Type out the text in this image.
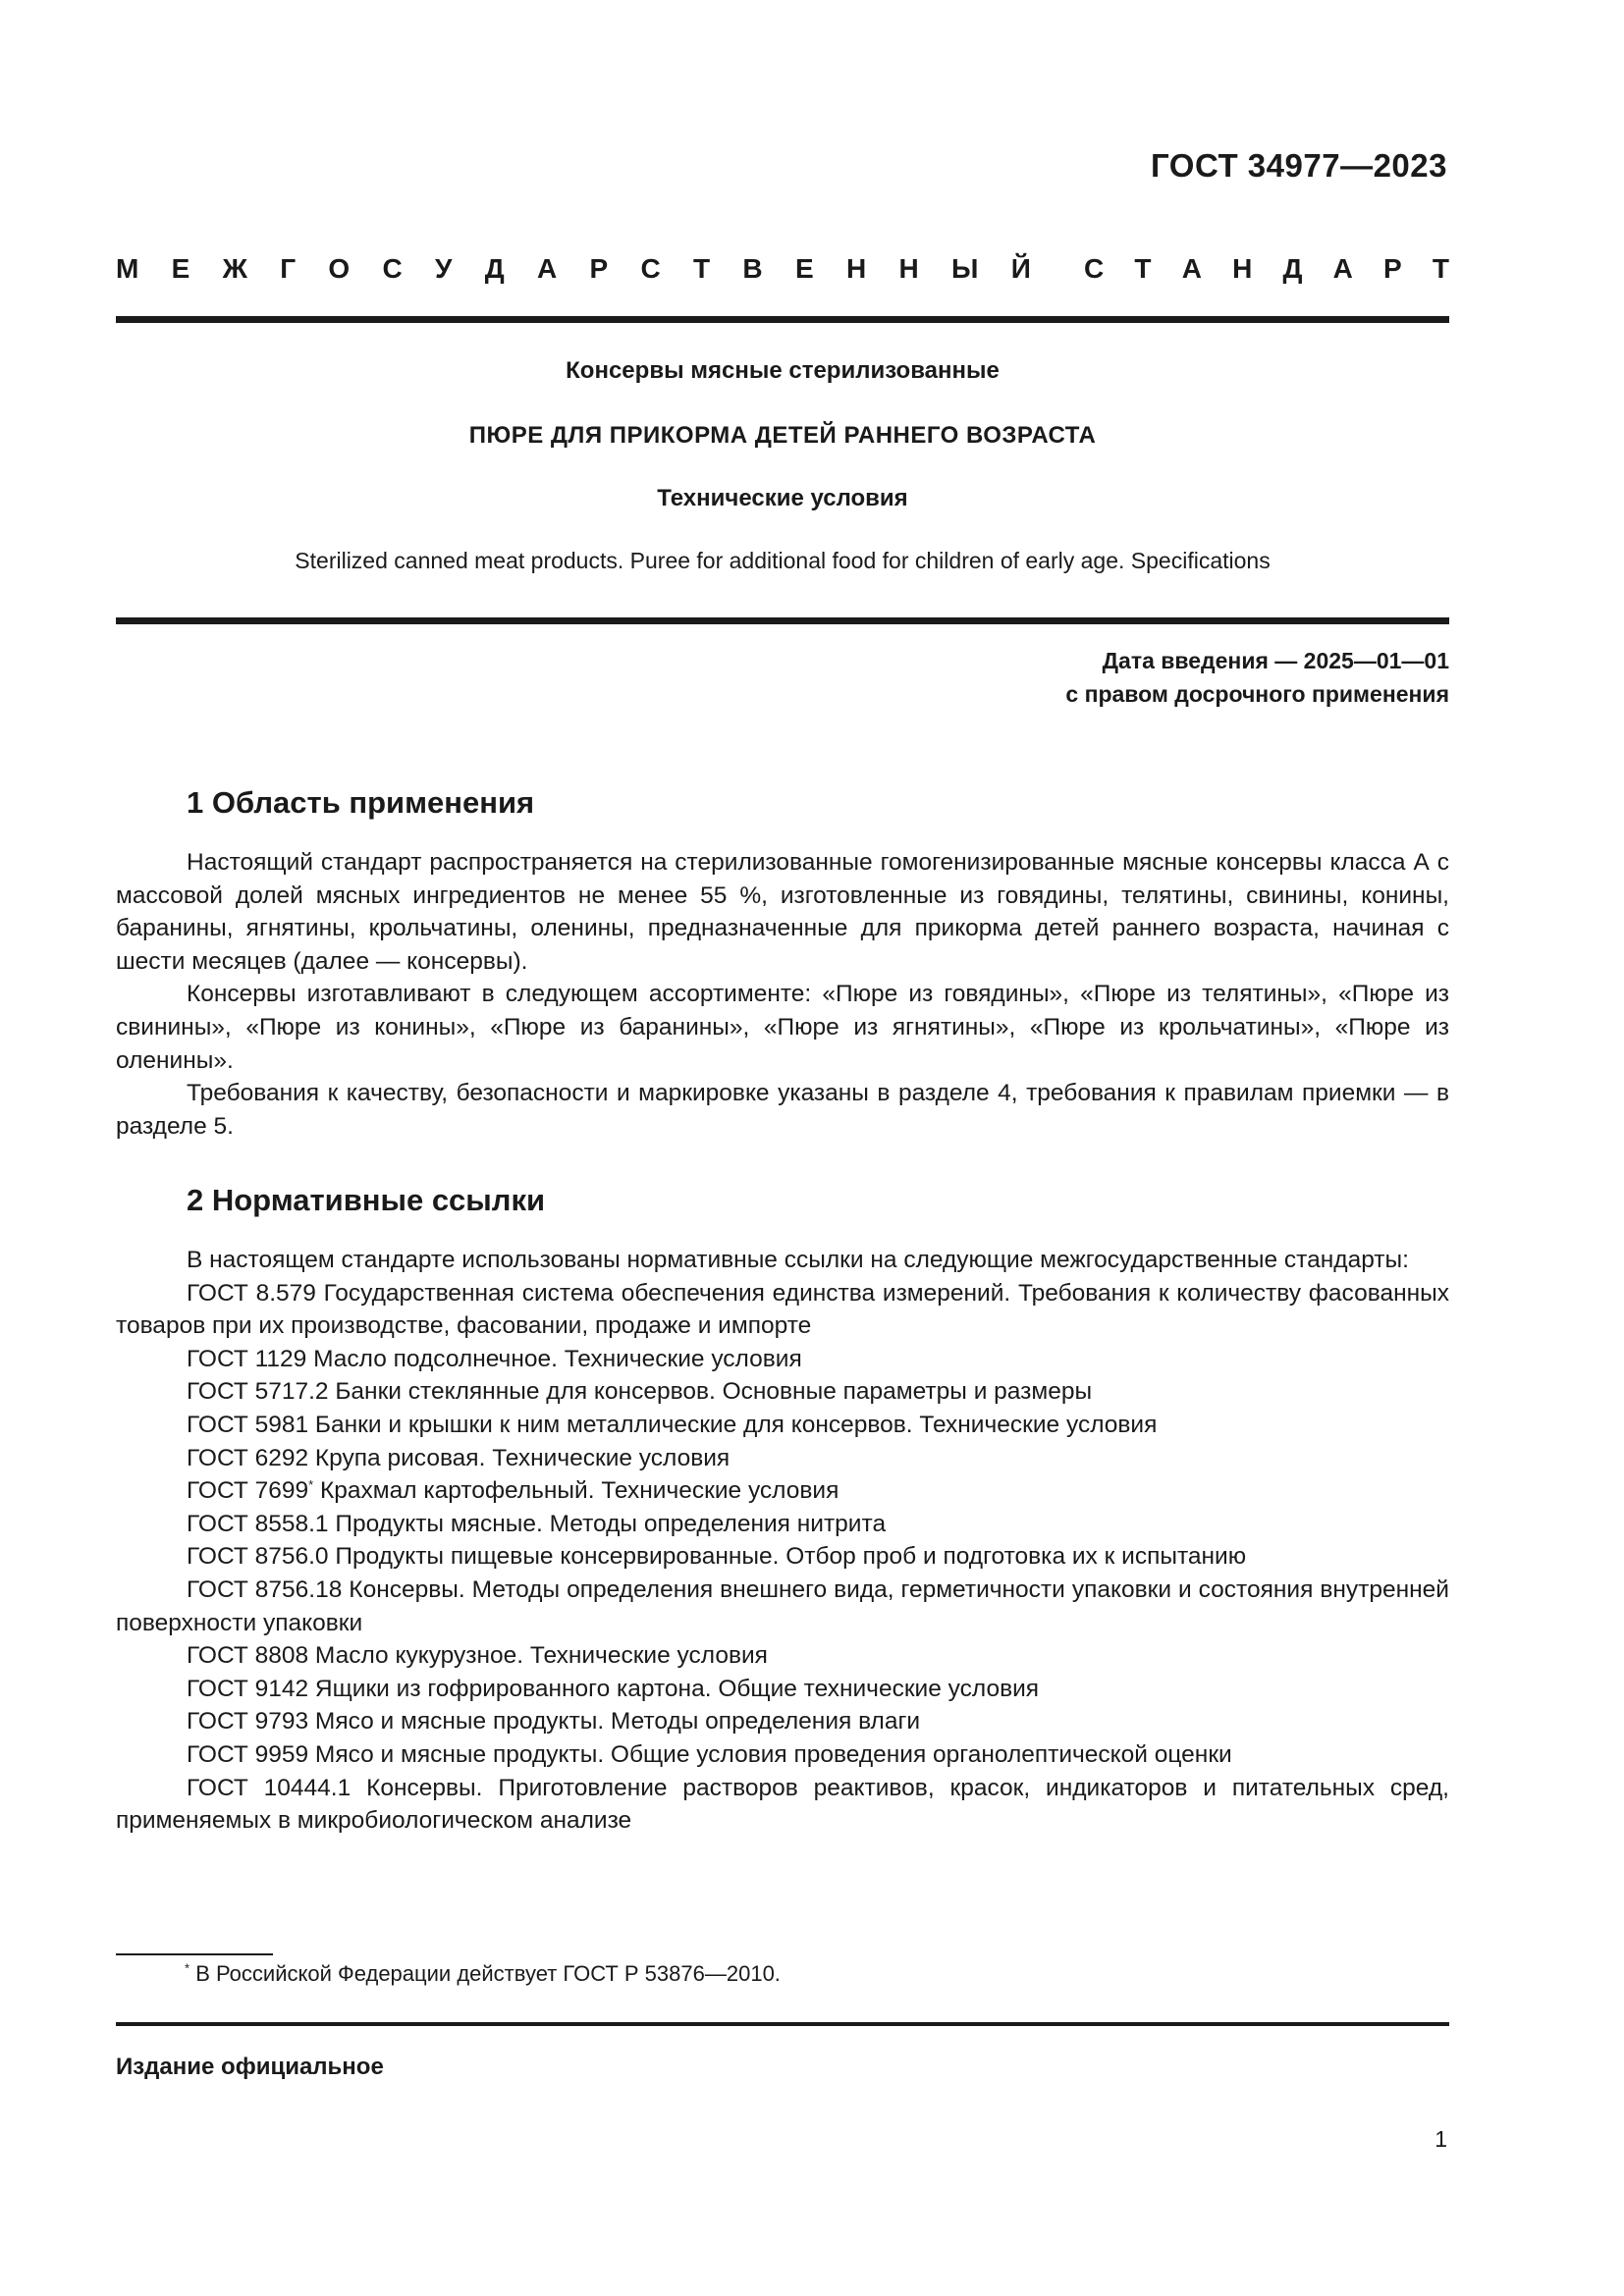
ГОСТ 34977—2023
М Е Ж Г О С У Д А Р С Т В Е Н Н Ы Й С Т А Н Д А Р Т
Консервы мясные стерилизованные
ПЮРЕ ДЛЯ ПРИКОРМА ДЕТЕЙ РАННЕГО ВОЗРАСТА
Технические условия
Sterilized canned meat products. Puree for additional food for children of early age. Specifications
Дата введения — 2025—01—01
с правом досрочного применения
1 Область применения

Настоящий стандарт распространяется на стерилизованные гомогенизированные мясные консервы класса А с массовой долей мясных ингредиентов не менее 55 %, изготовленные из говядины, телятины, свинины, конины, баранины, ягнятины, крольчатины, оленины, предназначенные для прикорма детей раннего возраста, начиная с шести месяцев (далее — консервы).

Консервы изготавливают в следующем ассортименте: «Пюре из говядины», «Пюре из телятины», «Пюре из свинины», «Пюре из конины», «Пюре из баранины», «Пюре из ягнятины», «Пюре из крольчатины», «Пюре из оленины».

Требования к качеству, безопасности и маркировке указаны в разделе 4, требования к правилам приемки — в разделе 5.

2 Нормативные ссылки

В настоящем стандарте использованы нормативные ссылки на следующие межгосударственные стандарты:

ГОСТ 8.579 Государственная система обеспечения единства измерений. Требования к количеству фасованных товаров при их производстве, фасовании, продаже и импорте

ГОСТ 1129 Масло подсолнечное. Технические условия

ГОСТ 5717.2 Банки стеклянные для консервов. Основные параметры и размеры

ГОСТ 5981 Банки и крышки к ним металлические для консервов. Технические условия

ГОСТ 6292 Крупа рисовая. Технические условия

ГОСТ 7699* Крахмал картофельный. Технические условия

ГОСТ 8558.1 Продукты мясные. Методы определения нитрита

ГОСТ 8756.0 Продукты пищевые консервированные. Отбор проб и подготовка их к испытанию

ГОСТ 8756.18 Консервы. Методы определения внешнего вида, герметичности упаковки и состояния внутренней поверхности упаковки

ГОСТ 8808 Масло кукурузное. Технические условия

ГОСТ 9142 Ящики из гофрированного картона. Общие технические условия

ГОСТ 9793 Мясо и мясные продукты. Методы определения влаги

ГОСТ 9959 Мясо и мясные продукты. Общие условия проведения органолептической оценки

ГОСТ 10444.1 Консервы. Приготовление растворов реактивов, красок, индикаторов и питательных сред, применяемых в микробиологическом анализе

* В Российской Федерации действует ГОСТ Р 53876—2010.
Издание официальное
1
